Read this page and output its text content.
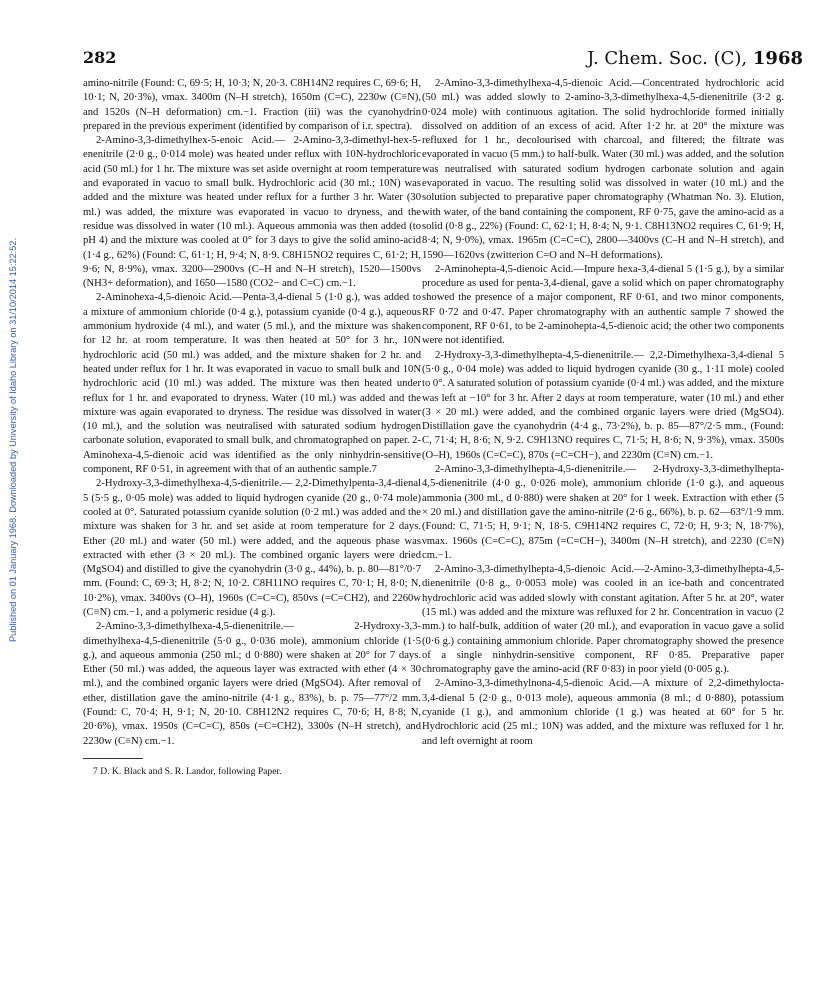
Published on 01 January 1968. Downloaded by University of Idaho Library on 31/10/2014 15:22:52.
282	J. Chem. Soc. (C), 1968

amino-nitrile (Found: C, 69·5; H, 10·3; N, 20·3. C8H14N2 requires C, 69·6; H, 10·1; N, 20·3%), νmax. 3400m (N–H stretch), 1650m (C=C), 2230w (C≡N), and 1520s (N–H deformation) cm.−1. Fraction (iii) was the cyanohydrin prepared in the previous experiment (identified by comparison of i.r. spectra).

2-Amino-3,3-dimethylhex-5-enoic Acid.— 2-Amino-3,3-dimethyl-hex-5-enenitrile (2·0 g., 0·014 mole) was heated under reflux with 10N-hydrochloric acid (50 ml.) for 1 hr. The mixture was set aside overnight at room temperature and evaporated in vacuo to small bulk. Hydrochloric acid (30 ml.; 10N) was added and the mixture was heated under reflux for a further 3 hr. Water (30 ml.) was added, the mixture was evaporated in vacuo to dryness, and the residue was dissolved in water (10 ml.). Aqueous ammonia was then added (to pH 4) and the mixture was cooled at 0° for 3 days to give the solid amino-acid (1·4 g., 62%) (Found: C, 61·1; H, 9·4; N, 8·9. C8H15NO2 requires C, 61·2; H, 9·6; N, 8·9%), νmax. 3200—2900vs (C–H and N–H stretch), 1520—1500vs (NH3+ deformation), and 1650—1580 (CO2− and C=C) cm.−1.

2-Aminohexa-4,5-dienoic Acid.—Penta-3,4-dienal 5 (1·0 g.), was added to a mixture of ammonium chloride (0·4 g.), potassium cyanide (0·4 g.), aqueous ammonium hydroxide (4 ml.), and water (5 ml.), and the mixture was shaken for 12 hr. at room temperature. It was then heated at 50° for 3 hr., 10N hydrochloric acid (50 ml.) was added, and the mixture shaken for 2 hr. and heated under reflux for 1 hr. It was evaporated in vacuo to small bulk and 10N hydrochloric acid (10 ml.) was added. The mixture was then heated under reflux for 1 hr. and evaporated to dryness. Water (10 ml.) was added and the mixture was again evaporated to dryness. The residue was dissolved in water (10 ml.), and the solution was neutralised with saturated sodium hydrogen carbonate solution, evaporated to small bulk, and chromatographed on paper. 2-Aminohexa-4,5-dienoic acid was identified as the only ninhydrin-sensitive component, RF 0·51, in agreement with that of an authentic sample.7

2-Hydroxy-3,3-dimethylhexa-4,5-dienitrile.— 2,2-Dimethylpenta-3,4-dienal 5 (5·5 g., 0·05 mole) was added to liquid hydrogen cyanide (20 g., 0·74 mole) cooled at 0°. Saturated potassium cyanide solution (0·2 ml.) was added and the mixture was shaken for 3 hr. and set aside at room temperature for 2 days. Ether (20 ml.) and water (50 ml.) were added, and the aqueous phase was extracted with ether (3 × 20 ml.). The combined organic layers were dried (MgSO4) and distilled to give the cyanohydrin (3·0 g., 44%), b. p. 80—81°/0·7 mm. (Found: C, 69·3; H, 8·2; N, 10·2. C8H11NO requires C, 70·1; H, 8·0; N, 10·2%), νmax. 3400vs (O–H), 1960s (C=C=C), 850vs (=C=CH2), and 2260w (C≡N) cm.−1, and a polymeric residue (4 g.).

2-Amino-3,3-dimethylhexa-4,5-dienenitrile.— 2-Hydroxy-3,3-dimethylhexa-4,5-dienenitrile (5·0 g., 0·036 mole), ammonium chloride (1·5 g.), and aqueous ammonia (250 ml.; d 0·880) were shaken at 20° for 7 days. Ether (50 ml.) was added, the aqueous layer was extracted with ether (4 × 30 ml.), and the combined organic layers were dried (MgSO4). After removal of ether, distillation gave the amino-nitrile (4·1 g., 83%), b. p. 75—77°/2 mm. (Found: C, 70·4; H, 9·1; N, 20·10. C8H12N2 requires C, 70·6; H, 8·8; N, 20·6%), νmax. 1950s (C=C=C), 850s (=C=CH2), 3300s (N–H stretch), and 2230w (C≡N) cm.−1.

7 D. K. Black and S. R. Landor, following Paper.

2-Amino-3,3-dimethylhexa-4,5-dienoic Acid.—Concentrated hydrochloric acid (50 ml.) was added slowly to 2-amino-3,3-dimethylhexa-4,5-dienenitrile (3·2 g. 0·024 mole) with continuous agitation. The solid hydrochloride formed initially dissolved on addition of an excess of acid. After 1·2 hr. at 20° the mixture was refluxed for 1 hr., decolourised with charcoal, and filtered; the filtrate was evaporated in vacuo (5 mm.) to half-bulk. Water (30 ml.) was added, and the solution was neutralised with saturated sodium hydrogen carbonate solution and again evaporated in vacuo. The resulting solid was dissolved in water (10 ml.) and the solution subjected to preparative paper chromatography (Whatman No. 3). Elution, with water, of the band containing the component, RF 0·75, gave the amino-acid as a solid (0·8 g., 22%) (Found: C, 62·1; H, 8·4; N, 9·1. C8H13NO2 requires C, 61·9; H, 8·4; N, 9·0%), νmax. 1965m (C=C=C), 2800—3400vs (C–H and N–H stretch), and 1590—1620vs (zwitterion C=O and N–H deformations).

2-Aminohepta-4,5-dienoic Acid.—Impure hexa-3,4-dienal 5 (1·5 g.), by a similar procedure as used for penta-3,4-dienal, gave a solid which on paper chromatography showed the presence of a major component, RF 0·61, and two minor components, RF 0·72 and 0·47. Paper chromatography with an authentic sample 7 showed the component, RF 0·61, to be 2-aminohepta-4,5-dienoic acid; the other two components were not identified.

2-Hydroxy-3,3-dimethylhepta-4,5-dienenitrile.— 2,2-Dimethylhexa-3,4-dienal 5 (5·0 g., 0·04 mole) was added to liquid hydrogen cyanide (30 g., 1·11 mole) cooled to 0°. A saturated solution of potassium cyanide (0·4 ml.) was added, and the mixture was left at −10° for 3 hr. After 2 days at room temperature, water (10 ml.) and ether (3 × 20 ml.) were added, and the combined organic layers were dried (MgSO4). Distillation gave the cyanohydrin (4·4 g., 73·2%), b. p. 85—87°/2·5 mm., (Found: C, 71·4; H, 8·6; N, 9·2. C9H13NO requires C, 71·5; H, 8·6; N, 9·3%), νmax. 3500s (O–H), 1960s (C=C=C), 870s (=C=CH−), and 2230m (C≡N) cm.−1.

2-Amino-3,3-dimethylhepta-4,5-dienenitrile.— 2-Hydroxy-3,3-dimethylhepta-4,5-dienenitrile (4·0 g., 0·026 mole), ammonium chloride (1·0 g.), and aqueous ammonia (300 ml., d 0·880) were shaken at 20° for 1 week. Extraction with ether (5 × 20 ml.) and distillation gave the amino-nitrile (2·6 g., 66%), b. p. 62—63°/1·9 mm. (Found: C, 71·5; H, 9·1; N, 18·5. C9H14N2 requires C, 72·0; H, 9·3; N, 18·7%), νmax. 1960s (C=C=C), 875m (=C=CH−), 3400m (N–H stretch), and 2230 (C≡N) cm.−1.

2-Amino-3,3-dimethylhepta-4,5-dienoic Acid.—2-Amino-3,3-dimethylhepta-4,5-dienenitrile (0·8 g., 0·0053 mole) was cooled in an ice-bath and concentrated hydrochloric acid was added slowly with constant agitation. After 5 hr. at 20°, water (15 ml.) was added and the mixture was refluxed for 2 hr. Concentration in vacuo (2 mm.) to half-bulk, addition of water (20 ml.), and evaporation in vacuo gave a solid (0·6 g.) containing ammonium chloride. Paper chromatography showed the presence of a single ninhydrin-sensitive component, RF 0·85. Preparative paper chromatography gave the amino-acid (RF 0·83) in poor yield (0·005 g.).

2-Amino-3,3-dimethylnona-4,5-dienoic Acid.—A mixture of 2,2-dimethylocta-3,4-dienal 5 (2·0 g., 0·013 mole), aqueous ammonia (8 ml.; d 0·880), potassium cyanide (1 g.), and ammonium chloride (1 g.) was heated at 60° for 5 hr. Hydrochloric acid (25 ml.; 10N) was added, and the mixture was refluxed for 1 hr. and left overnight at room
